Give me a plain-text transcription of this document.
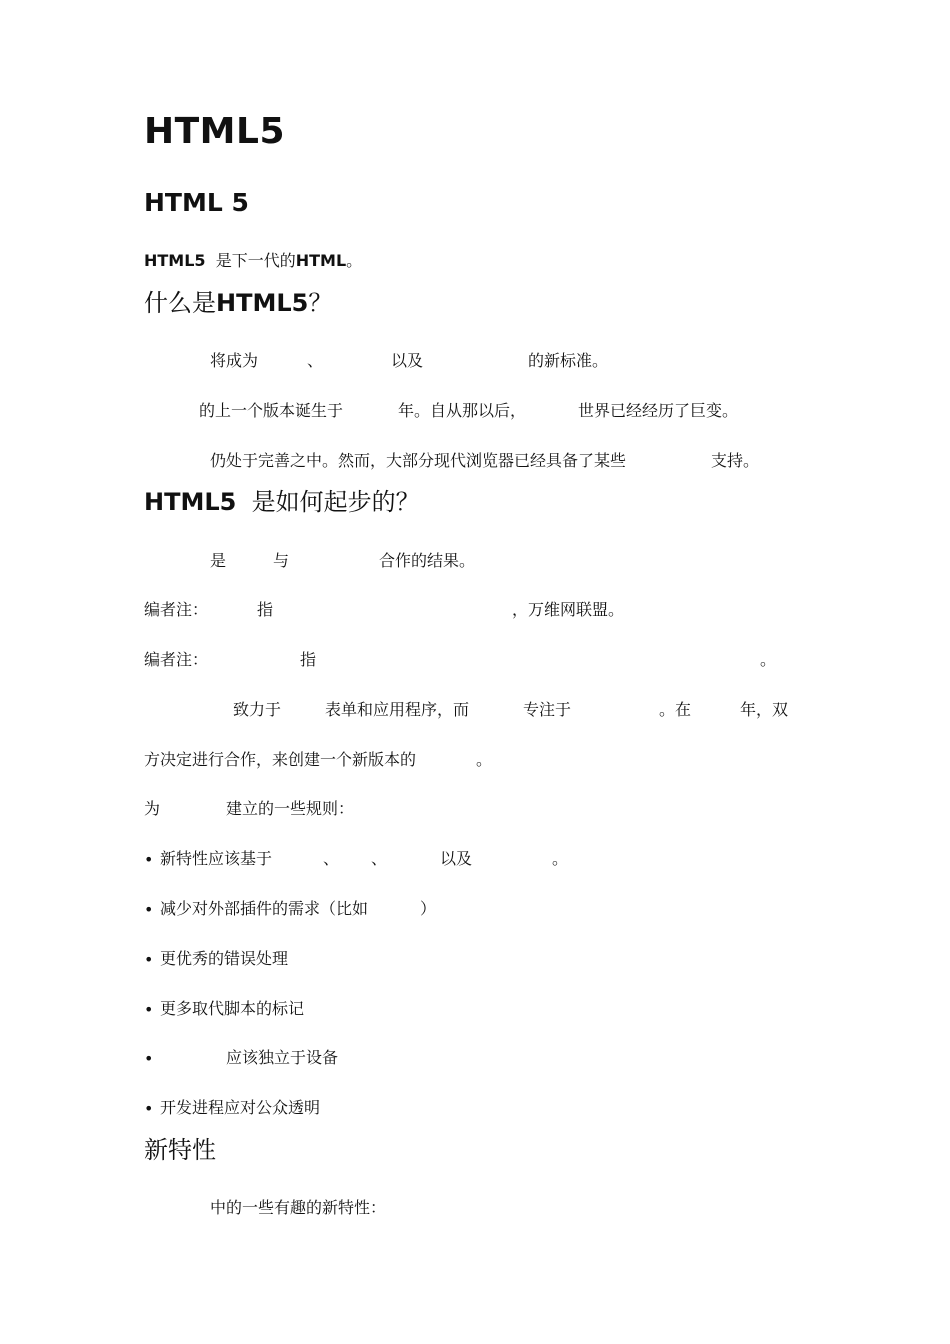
HTML5
HTML 5
HTML5 是下一代的HTML。
什么是HTML5？
将成为	、	以及	的新标准。
的上一个版本诞生于	年。自从那以后，	世界已经经历了巨变。
仍处于完善之中。然而，大部分现代浏览器已经具备了某些	支持。
HTML5 是如何起步的？
是	与	合作的结果。
编者注：	指	，万维网联盟。
编者注：	指	。
致力于	表单和应用程序，而	专注于	。在	年，双
方决定进行合作，来创建一个新版本的	。
为	建立的一些规则：
• 新特性应该基于	、 、	以及	。
• 减少对外部插件的需求（比如	）
• 更优秀的错误处理
• 更多取代脚本的标记
•	应该独立于设备
• 开发进程应对公众透明
新特性
中的一些有趣的新特性：
